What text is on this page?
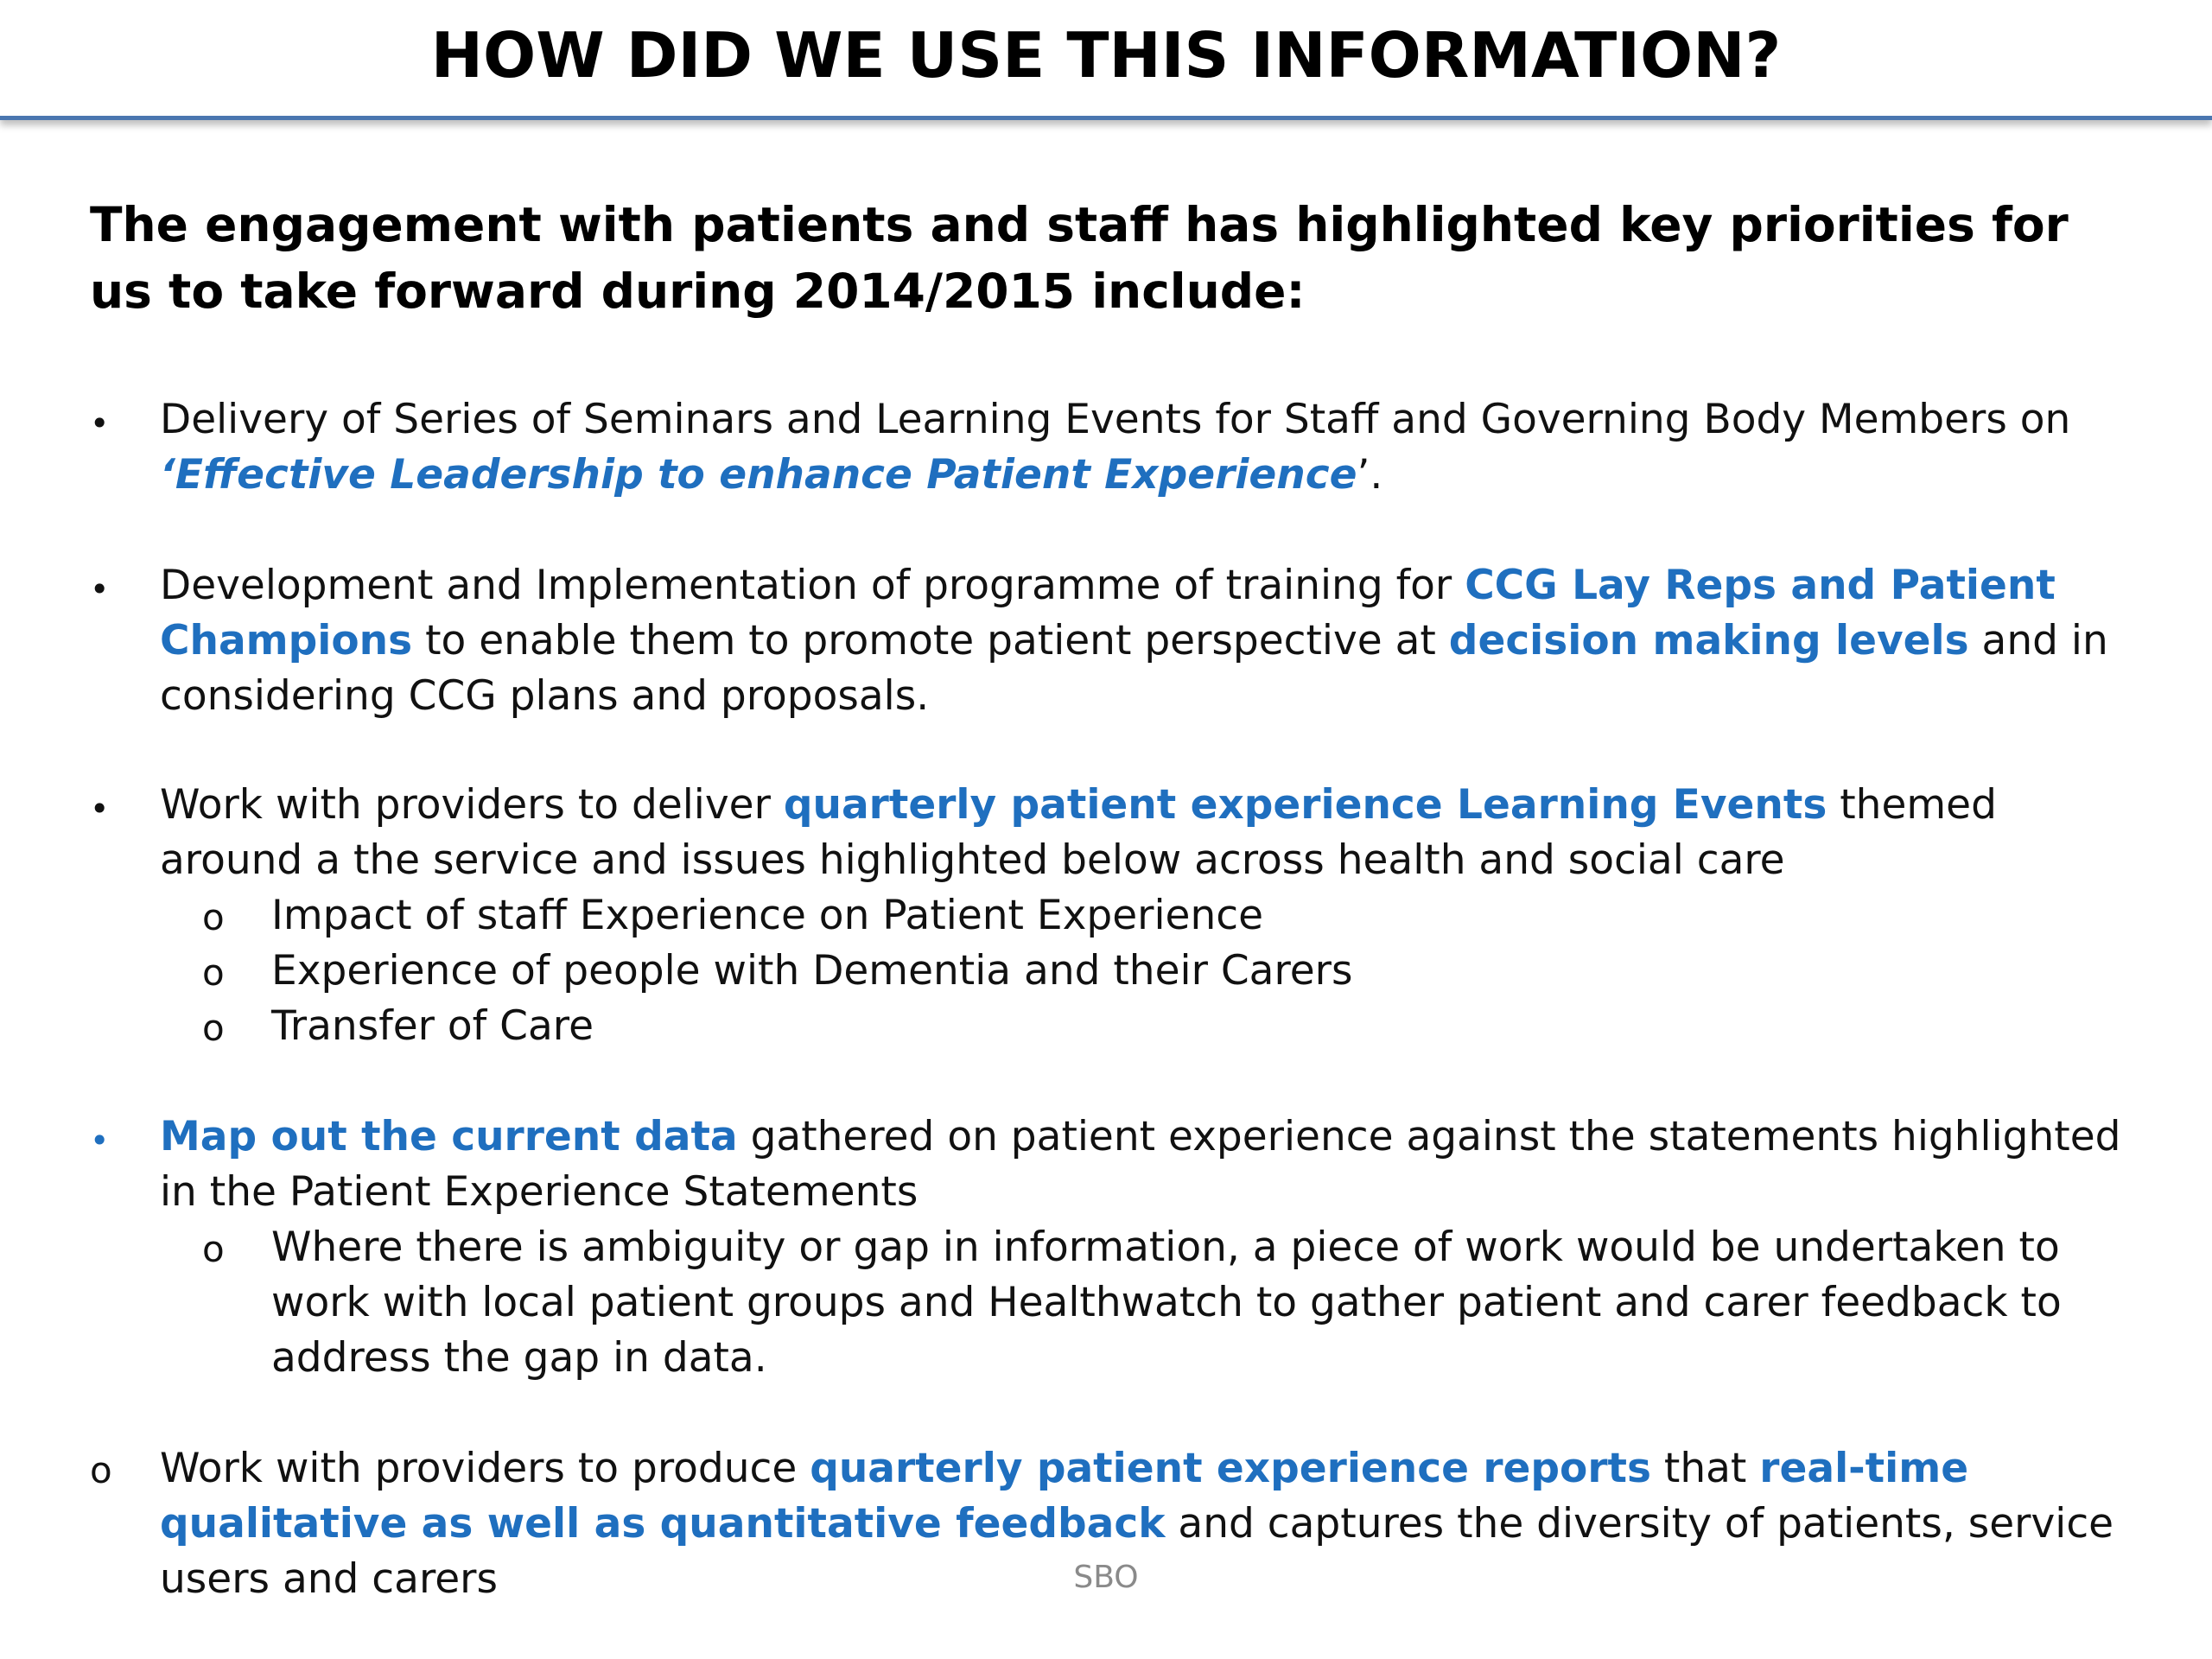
HOW DID WE USE THIS INFORMATION?
The engagement with patients and staff has highlighted key priorities for us to take forward during 2014/2015 include:
• Delivery of Series of Seminars and Learning Events for Staff and Governing Body Members on ‘Effective Leadership to enhance Patient Experience’.
• Development and Implementation of programme of training for CCG Lay Reps and Patient Champions to enable them to promote patient perspective at decision making levels and in considering CCG plans and proposals.
• Work with providers to deliver quarterly patient experience Learning Events themed around a the service and issues highlighted below across health and social care
o Impact of staff Experience on Patient Experience
o Experience of people with Dementia and their Carers
o Transfer of Care
• Map out the current data gathered on patient experience against the statements highlighted in the Patient Experience Statements
o Where there is ambiguity or gap in information, a piece of work would be undertaken to work with local patient groups and Healthwatch to gather patient and carer feedback to address the gap in data.
o Work with providers to produce quarterly patient experience reports that real-time qualitative as well as quantitative feedback and captures the diversity of patients, service users and carers	SBO
